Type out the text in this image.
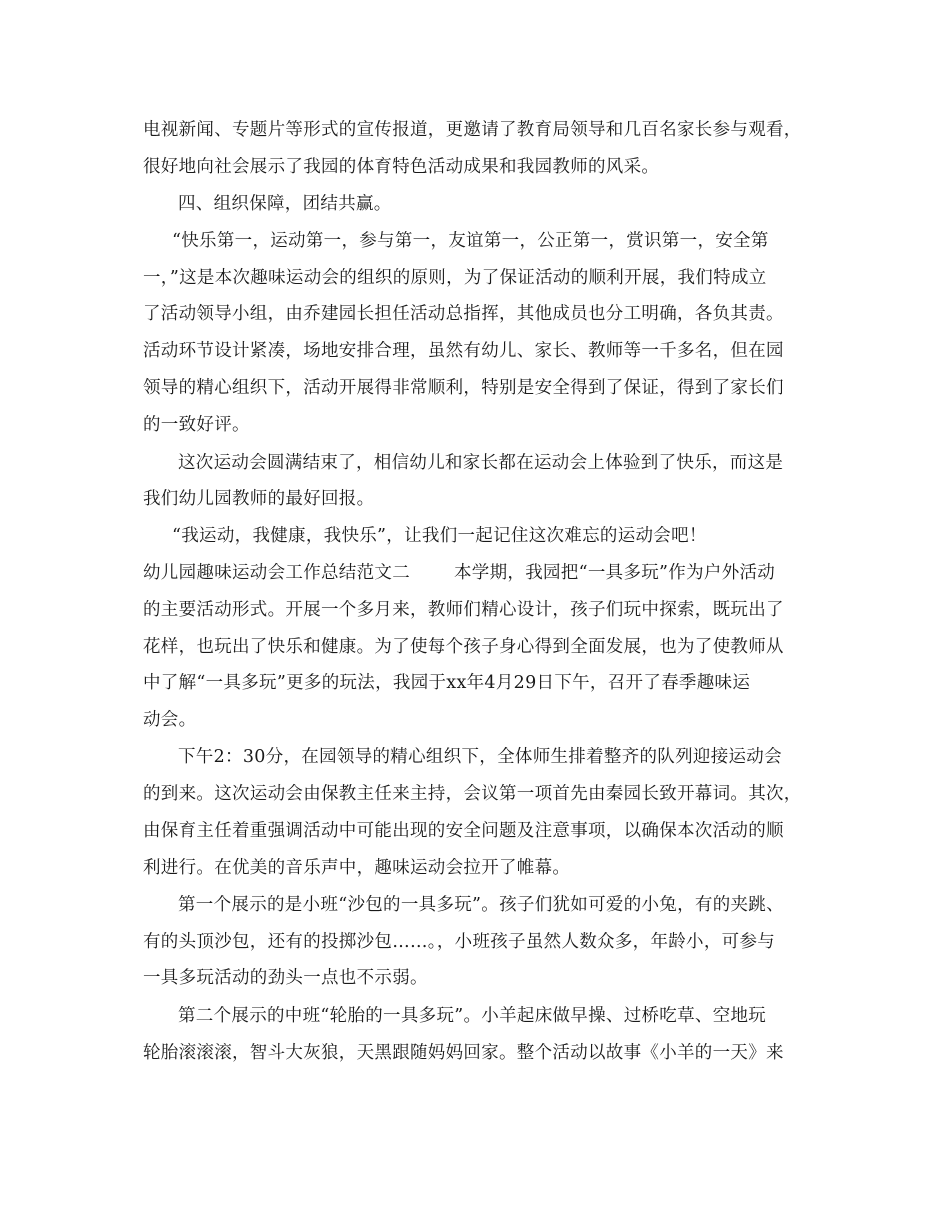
电视新闻、专题片等形式的宣传报道，更邀请了教育局领导和几百名家长参与观看，

很好地向社会展示了我园的体育特色活动成果和我园教师的风采。

四、组织保障，团结共赢。

“快乐第一，运动第一，参与第一，友谊第一，公正第一，赏识第一，安全第

一，”这是本次趣味运动会的组织的原则，为了保证活动的顺利开展，我们特成立

了活动领导小组，由乔建园长担任活动总指挥，其他成员也分工明确，各负其责。

活动环节设计紧凑，场地安排合理，虽然有幼儿、家长、教师等一千多名，但在园

领导的精心组织下，活动开展得非常顺利，特别是安全得到了保证，得到了家长们

的一致好评。

这次运动会圆满结束了，相信幼儿和家长都在运动会上体验到了快乐，而这是

我们幼儿园教师的最好回报。

“我运动，我健康，我快乐”，让我们一起记住这次难忘的运动会吧！

幼儿园趣味运动会工作总结范文二	本学期，我园把“一具多玩”作为户外活动

的主要活动形式。开展一个多月来，教师们精心设计，孩子们玩中探索，既玩出了

花样，也玩出了快乐和健康。为了使每个孩子身心得到全面发展，也为了使教师从

中了解“一具多玩”更多的玩法，我园于xx年4月29日下午，召开了春季趣味运

动会。

下午2：30分，在园领导的精心组织下，全体师生排着整齐的队列迎接运动会

的到来。这次运动会由保教主任来主持，会议第一项首先由秦园长致开幕词。其次，

由保育主任着重强调活动中可能出现的安全问题及注意事项，以确保本次活动的顺

利进行。在优美的音乐声中，趣味运动会拉开了帷幕。

第一个展示的是小班“沙包的一具多玩”。孩子们犹如可爱的小兔，有的夹跳、

有的头顶沙包，还有的投掷沙包……。，小班孩子虽然人数众多，年龄小，可参与

一具多玩活动的劲头一点也不示弱。

第二个展示的中班“轮胎的一具多玩”。小羊起床做早操、过桥吃草、空地玩

轮胎滚滚滚，智斗大灰狼，天黑跟随妈妈回家。整个活动以故事《小羊的一天》来
